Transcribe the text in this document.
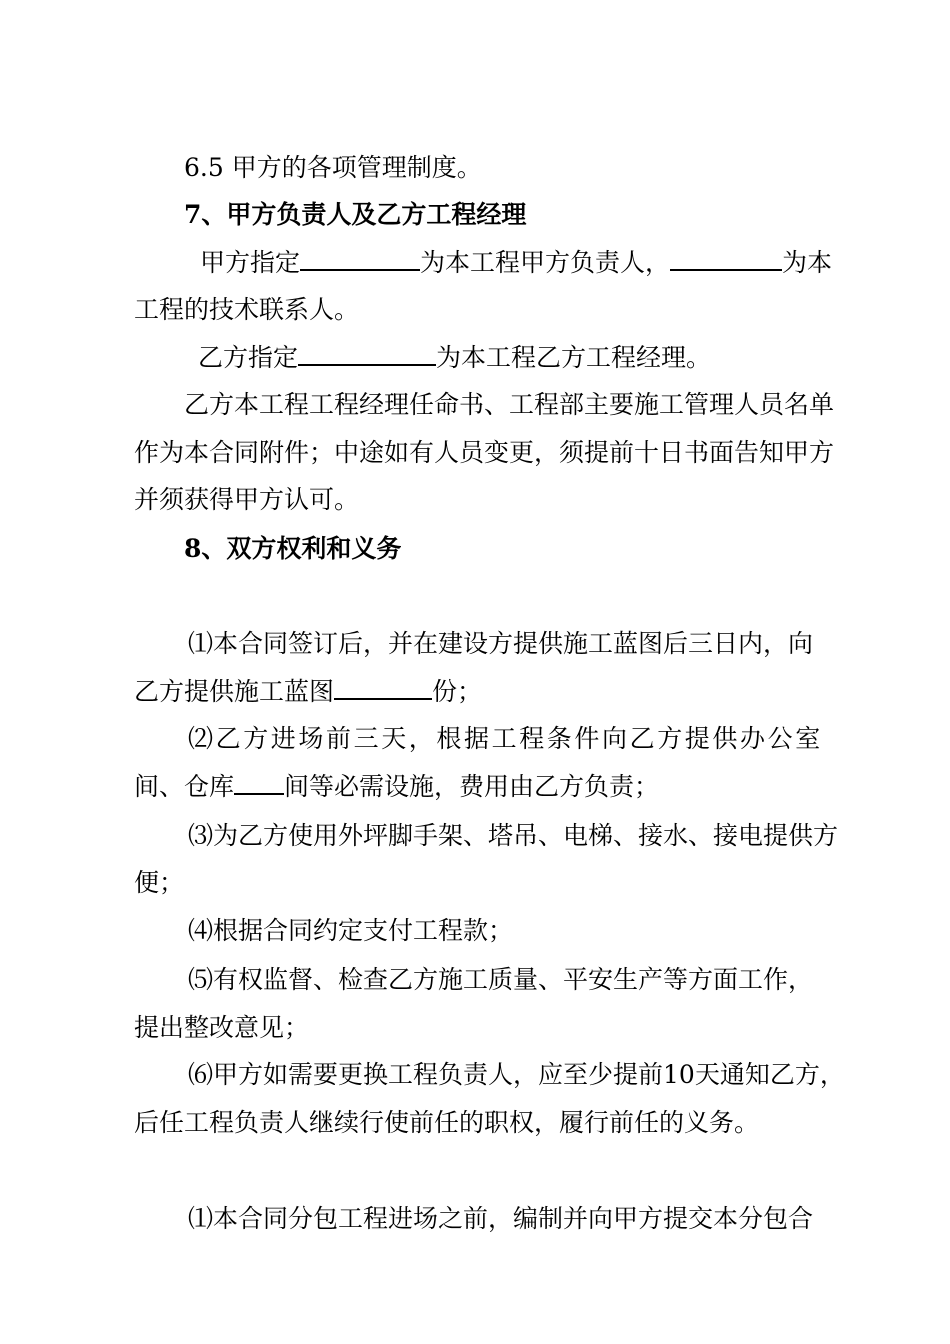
6.5 甲方的各项管理制度。
7、甲方负责人及乙方工程经理
甲方指定	为本工程甲方负责人，	为本
工程的技术联系人。
乙方指定	为本工程乙方工程经理。
乙方本工程工程经理任命书、工程部主要施工管理人员名单
作为本合同附件；中途如有人员变更，须提前十日书面告知甲方
并须获得甲方认可。
8、双方权利和义务
⑴本合同签订后，并在建设方提供施工蓝图后三日内，向
乙方提供施工蓝图	份；
⑵乙方进场前三天，根据工程条件向乙方提供办公室
间、仓库 间等必需设施，费用由乙方负责；
⑶为乙方使用外坪脚手架、塔吊、电梯、接水、接电提供方
便；
⑷根据合同约定支付工程款；
⑸有权监督、检查乙方施工质量、平安生产等方面工作，
提出整改意见；
⑹甲方如需要更换工程负责人，应至少提前10天通知乙方，
后任工程负责人继续行使前任的职权，履行前任的义务。
⑴本合同分包工程进场之前，编制并向甲方提交本分包合
